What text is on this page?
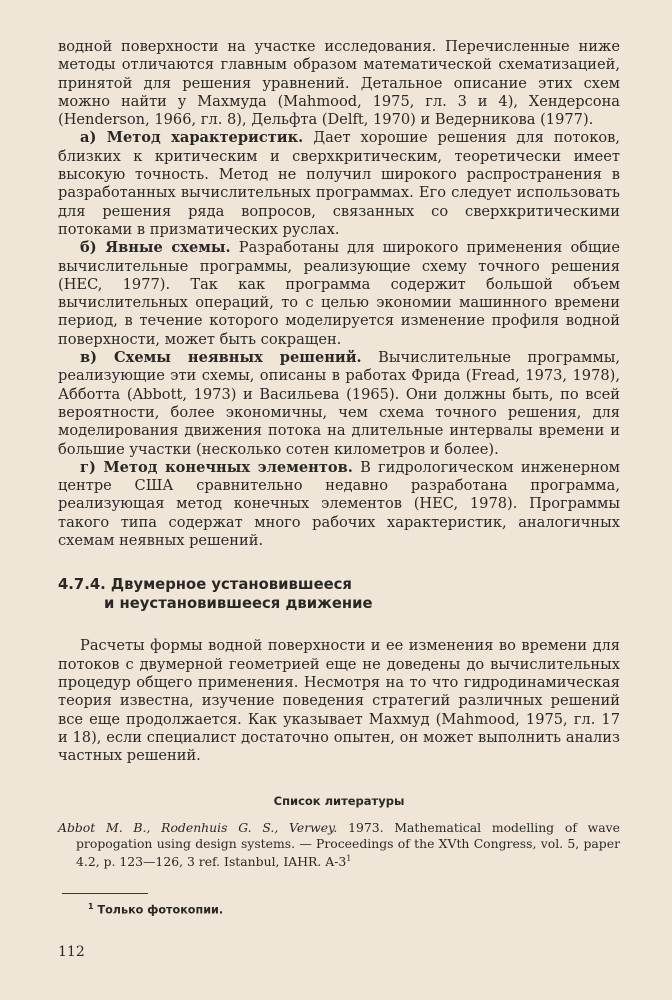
водной поверхности на участке исследования. Перечисленные ниже методы отличаются главным образом математической схематизацией, принятой для решения уравнений. Детальное описание этих схем можно найти у Махмуда (Mahmood, 1975, гл. 3 и 4), Хендерсона (Henderson, 1966, гл. 8), Дельфта (Delft, 1970) и Ведерникова (1977).

а) Метод характеристик. Дает хорошие решения для потоков, близких к критическим и сверхкритическим, теоретически имеет высокую точность. Метод не получил широкого распространения в разработанных вычислительных программах. Его следует использовать для решения ряда вопросов, связанных со сверхкритическими потоками в призматических руслах.

б) Явные схемы. Разработаны для широкого применения общие вычислительные программы, реализующие схему точного решения (HEC, 1977). Так как программа содержит большой объем вычислительных операций, то с целью экономии машинного времени период, в течение которого моделируется изменение профиля водной поверхности, может быть сокращен.

в) Схемы неявных решений. Вычислительные программы, реализующие эти схемы, описаны в работах Фрида (Fread, 1973, 1978), Абботта (Abbott, 1973) и Васильева (1965). Они должны быть, по всей вероятности, более экономичны, чем схема точного решения, для моделирования движения потока на длительные интервалы времени и большие участки (несколько сотен километров и более).

г) Метод конечных элементов. В гидрологическом инженерном центре США сравнительно недавно разработана программа, реализующая метод конечных элементов (HEC, 1978). Программы такого типа содержат много рабочих характеристик, аналогичных схемам неявных решений.

4.7.4. Двумерное установившееся
и неустановившееся движение

Расчеты формы водной поверхности и ее изменения во времени для потоков с двумерной геометрией еще не доведены до вычислительных процедур общего применения. Несмотря на то что гидродинамическая теория известна, изучение поведения стратегий различных решений все еще продолжается. Как указывает Махмуд (Mahmood, 1975, гл. 17 и 18), если специалист достаточно опытен, он может выполнить анализ частных решений.

Список литературы

Abbot M. B., Rodenhuis G. S., Verwey. 1973. Mathematical modelling of wave propogation using design systems. — Proceedings of the XVth Congress, vol. 5, paper 4.2, p. 123—126, 3 ref. Istanbul, IAHR. $A-3^1$

$^1$ Только фотокопии.

112
